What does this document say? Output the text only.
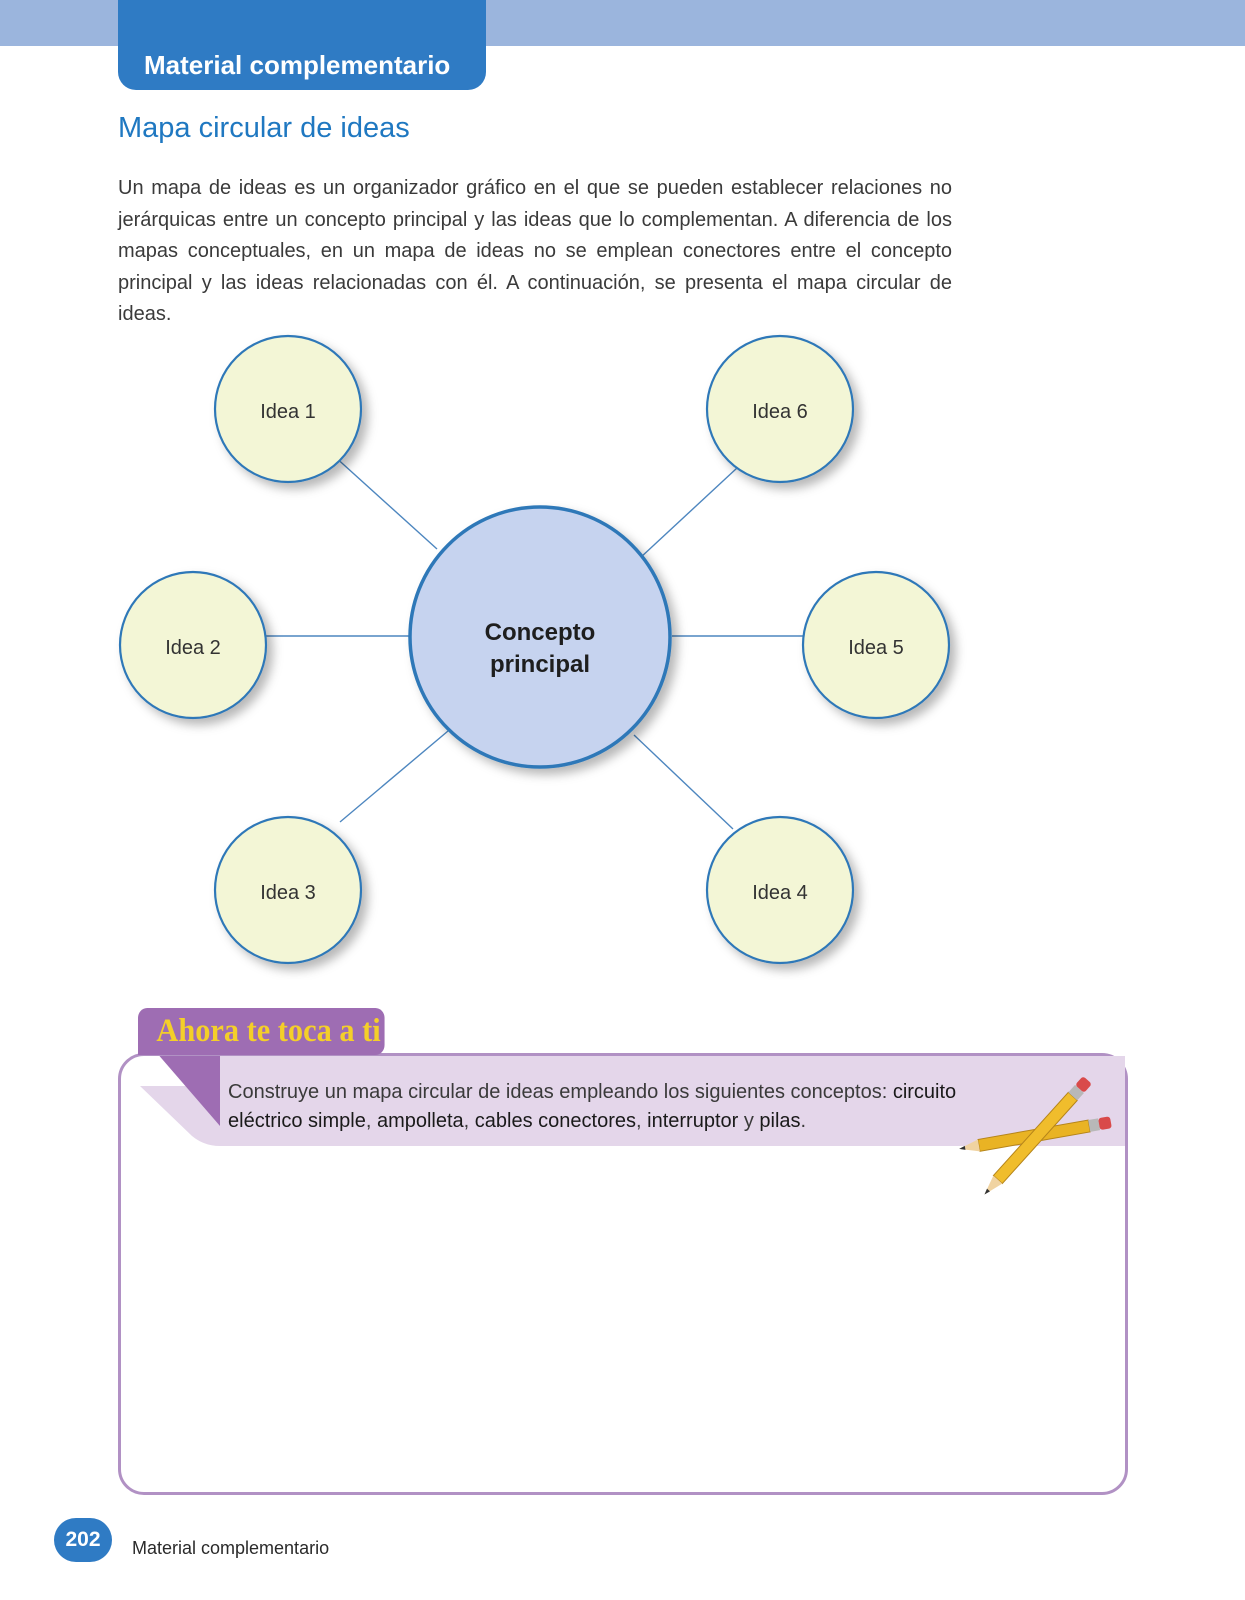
Material complementario
Mapa circular de ideas

Un mapa de ideas es un organizador gráfico en el que se pueden establecer relaciones no jerárquicas entre un concepto principal y las ideas que lo complementan. A diferencia de los mapas conceptuales, en un mapa de ideas no se emplean conectores entre el concepto principal y las ideas relacionadas con él. A continuación, se presenta el mapa circular de ideas.

Concepto
principal
Idea 1
Idea 2
Idea 3	Idea 4
Idea 5
Idea 6
Ahora te toca a ti

Construye un mapa circular de ideas empleando los siguientes conceptos: circuito eléctrico simple, ampolleta, cables conectores, interruptor y pilas.

202	Material complementario
